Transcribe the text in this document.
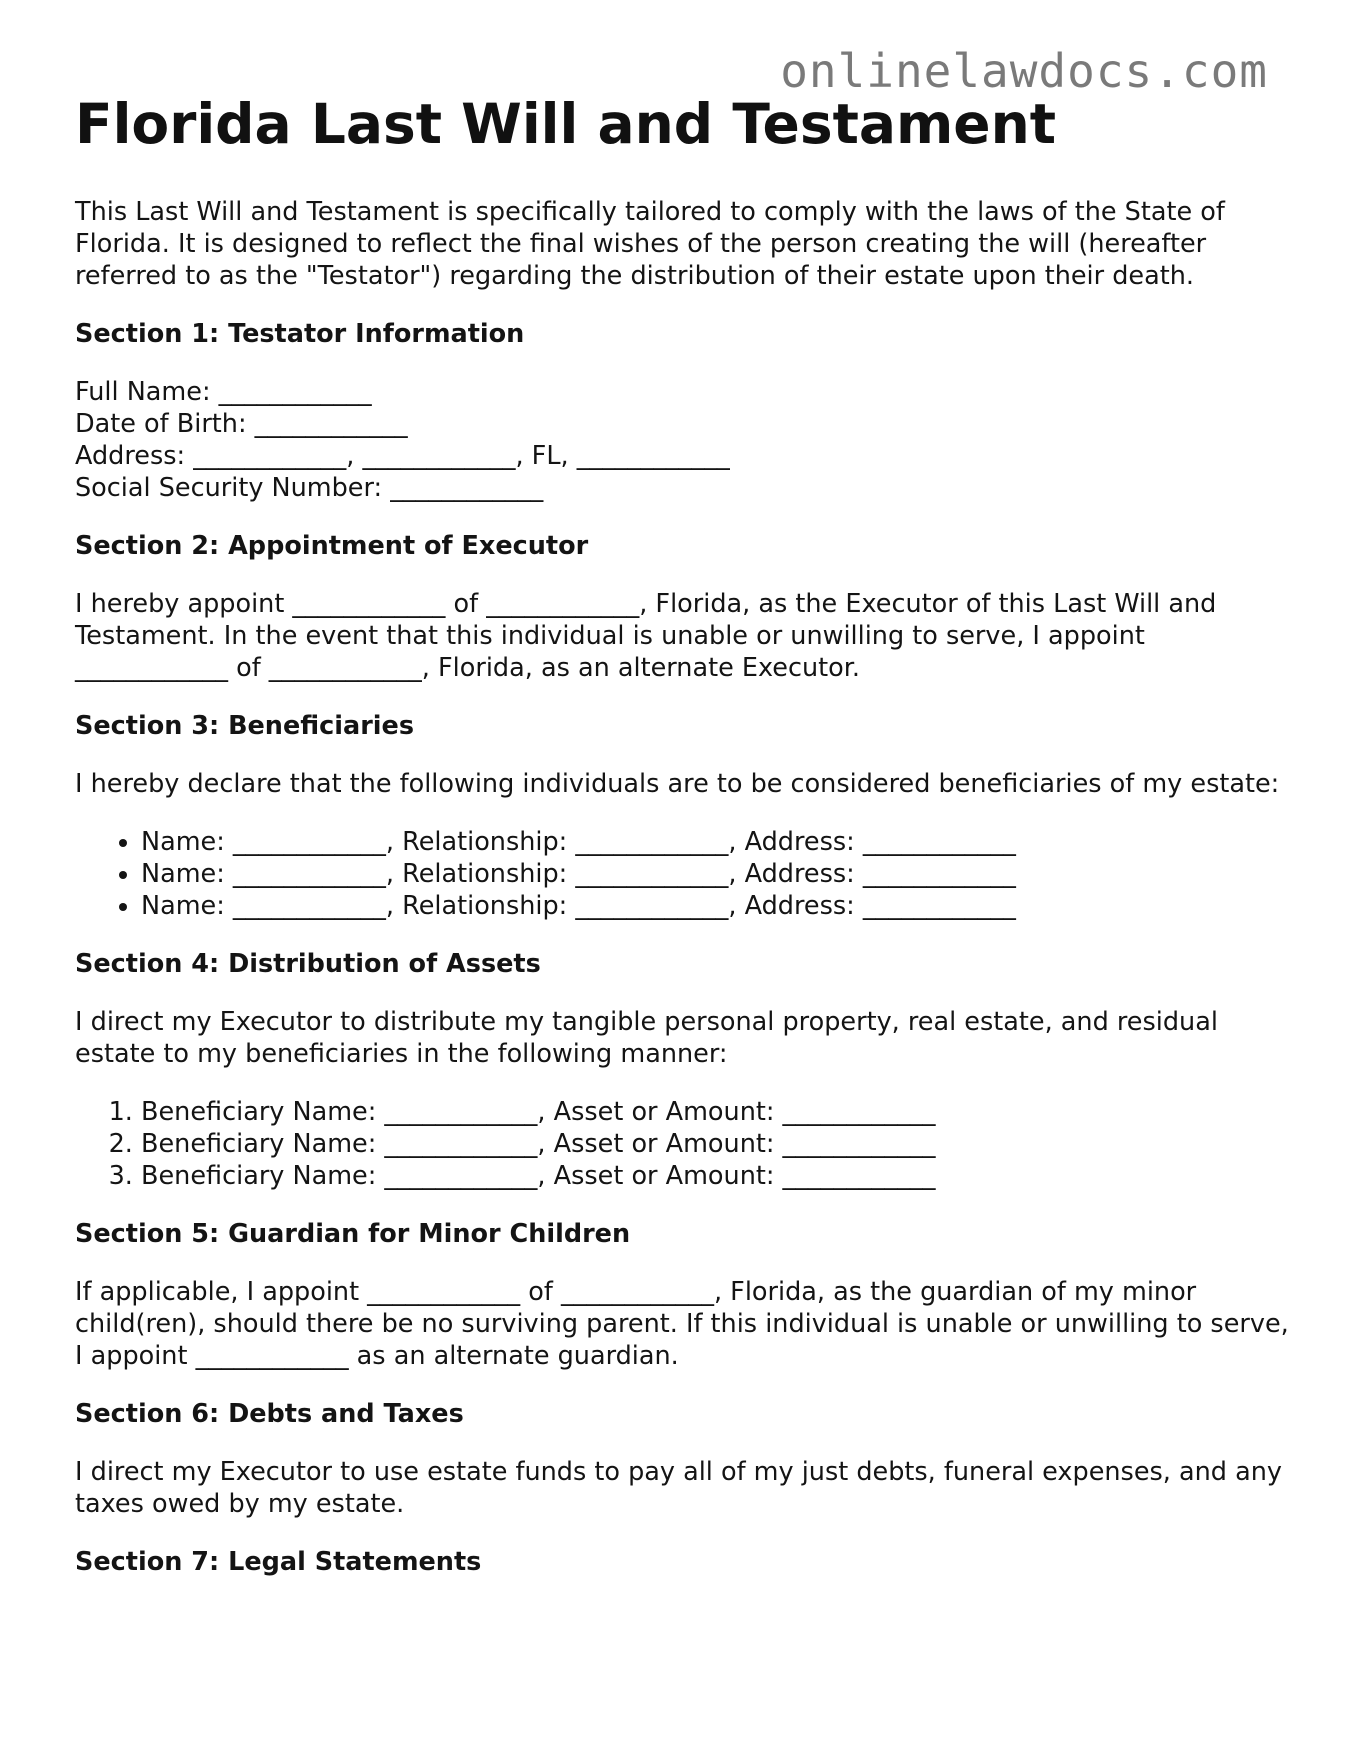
onlinelawdocs.com
Florida Last Will and Testament

This Last Will and Testament is specifically tailored to comply with the laws of the State of Florida. It is designed to reflect the final wishes of the person creating the will (hereafter referred to as the "Testator") regarding the distribution of their estate upon their death.

Section 1: Testator Information
Full Name: ____________
Date of Birth: ____________
Address: ____________, ____________, FL, ____________
Social Security Number: ____________
Section 2: Appointment of Executor

I hereby appoint ____________ of ____________, Florida, as the Executor of this Last Will and Testament. In the event that this individual is unable or unwilling to serve, I appoint ____________ of ____________, Florida, as an alternate Executor.

Section 3: Beneficiaries

I hereby declare that the following individuals are to be considered beneficiaries of my estate:

• Name: ____________, Relationship: ____________, Address: ____________
• Name: ____________, Relationship: ____________, Address: ____________
• Name: ____________, Relationship: ____________, Address: ____________
Section 4: Distribution of Assets

I direct my Executor to distribute my tangible personal property, real estate, and residual estate to my beneficiaries in the following manner:

1. Beneficiary Name: ____________, Asset or Amount: ____________
2. Beneficiary Name: ____________, Asset or Amount: ____________
3. Beneficiary Name: ____________, Asset or Amount: ____________
Section 5: Guardian for Minor Children

If applicable, I appoint ____________ of ____________, Florida, as the guardian of my minor child(ren), should there be no surviving parent. If this individual is unable or unwilling to serve, I appoint ____________ as an alternate guardian.

Section 6: Debts and Taxes

I direct my Executor to use estate funds to pay all of my just debts, funeral expenses, and any taxes owed by my estate.

Section 7: Legal Statements
